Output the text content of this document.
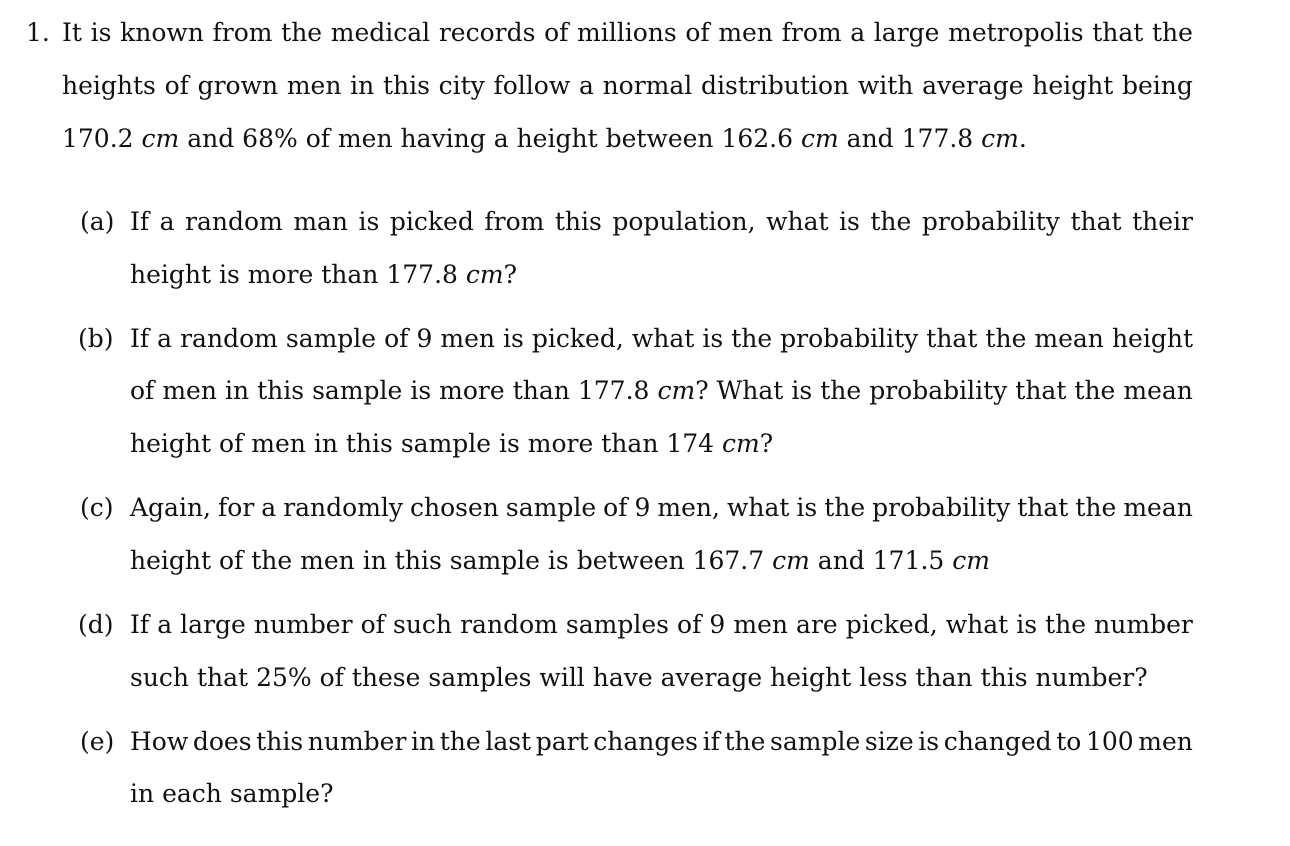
1. It is known from the medical records of millions of men from a large metropolis that the
heights of grown men in this city follow a normal distribution with average height being
170.2 cm and 68% of men having a height between 162.6 cm and 177.8 cm.
(a) If a random man is picked from this population, what is the probability that their
height is more than 177.8 cm?
(b) If a random sample of 9 men is picked, what is the probability that the mean height
of men in this sample is more than 177.8 cm? What is the probability that the mean
height of men in this sample is more than 174 cm?
(c) Again, for a randomly chosen sample of 9 men, what is the probability that the mean
height of the men in this sample is between 167.7 cm and 171.5 cm
(d) If a large number of such random samples of 9 men are picked, what is the number
such that 25% of these samples will have average height less than this number?
(e) How does this number in the last part changes if the sample size is changed to 100 men
in each sample?
